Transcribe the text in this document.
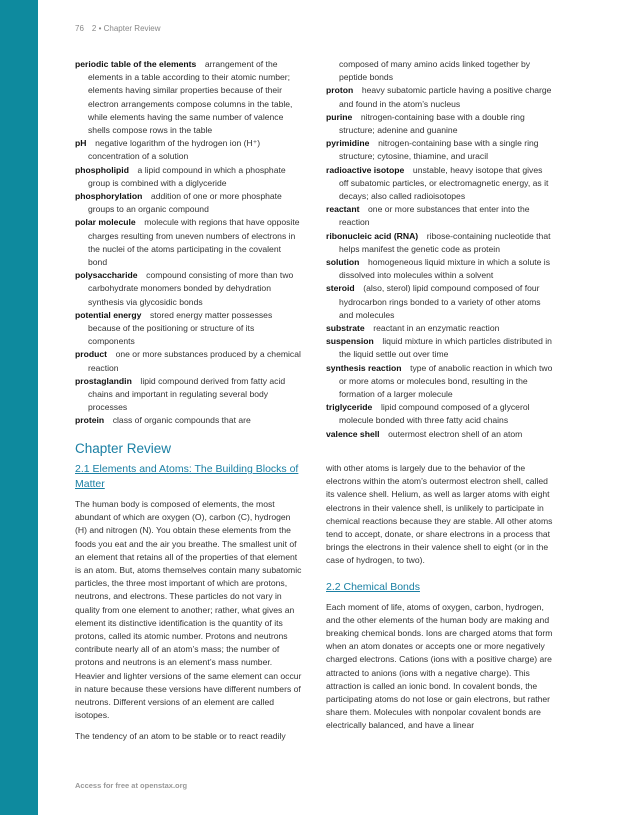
76 2 • Chapter Review

periodic table of the elements  arrangement of the elements in a table according to their atomic number; elements having similar properties because of their electron arrangements compose columns in the table, while elements having the same number of valence shells compose rows in the table

pH  negative logarithm of the hydrogen ion (H⁺) concentration of a solution

phospholipid  a lipid compound in which a phosphate group is combined with a diglyceride

phosphorylation  addition of one or more phosphate groups to an organic compound

polar molecule  molecule with regions that have opposite charges resulting from uneven numbers of electrons in the nuclei of the atoms participating in the covalent bond

polysaccharide  compound consisting of more than two carbohydrate monomers bonded by dehydration synthesis via glycosidic bonds

potential energy  stored energy matter possesses because of the positioning or structure of its components

product  one or more substances produced by a chemical reaction

prostaglandin  lipid compound derived from fatty acid chains and important in regulating several body processes

protein  class of organic compounds that are

composed of many amino acids linked together by peptide bonds

proton  heavy subatomic particle having a positive charge and found in the atom’s nucleus

purine  nitrogen-containing base with a double ring structure; adenine and guanine

pyrimidine  nitrogen-containing base with a single ring structure; cytosine, thiamine, and uracil

radioactive isotope  unstable, heavy isotope that gives off subatomic particles, or electromagnetic energy, as it decays; also called radioisotopes

reactant  one or more substances that enter into the reaction

ribonucleic acid (RNA)  ribose-containing nucleotide that helps manifest the genetic code as protein

solution  homogeneous liquid mixture in which a solute is dissolved into molecules within a solvent

steroid  (also, sterol) lipid compound composed of four hydrocarbon rings bonded to a variety of other atoms and molecules

substrate  reactant in an enzymatic reaction

suspension  liquid mixture in which particles distributed in the liquid settle out over time

synthesis reaction  type of anabolic reaction in which two or more atoms or molecules bond, resulting in the formation of a larger molecule

triglyceride  lipid compound composed of a glycerol molecule bonded with three fatty acid chains

valence shell  outermost electron shell of an atom

Chapter Review

2.1 Elements and Atoms: The Building Blocks of Matter

The human body is composed of elements, the most abundant of which are oxygen (O), carbon (C), hydrogen (H) and nitrogen (N). You obtain these elements from the foods you eat and the air you breathe. The smallest unit of an element that retains all of the properties of that element is an atom. But, atoms themselves contain many subatomic particles, the three most important of which are protons, neutrons, and electrons. These particles do not vary in quality from one element to another; rather, what gives an element its distinctive identification is the quantity of its protons, called its atomic number. Protons and neutrons contribute nearly all of an atom’s mass; the number of protons and neutrons is an element’s mass number. Heavier and lighter versions of the same element can occur in nature because these versions have different numbers of neutrons. Different versions of an element are called isotopes.

The tendency of an atom to be stable or to react readily

with other atoms is largely due to the behavior of the electrons within the atom’s outermost electron shell, called its valence shell. Helium, as well as larger atoms with eight electrons in their valence shell, is unlikely to participate in chemical reactions because they are stable. All other atoms tend to accept, donate, or share electrons in a process that brings the electrons in their valence shell to eight (or in the case of hydrogen, to two).

2.2 Chemical Bonds

Each moment of life, atoms of oxygen, carbon, hydrogen, and the other elements of the human body are making and breaking chemical bonds. Ions are charged atoms that form when an atom donates or accepts one or more negatively charged electrons. Cations (ions with a positive charge) are attracted to anions (ions with a negative charge). This attraction is called an ionic bond. In covalent bonds, the participating atoms do not lose or gain electrons, but rather share them. Molecules with nonpolar covalent bonds are electrically balanced, and have a linear

Access for free at openstax.org
